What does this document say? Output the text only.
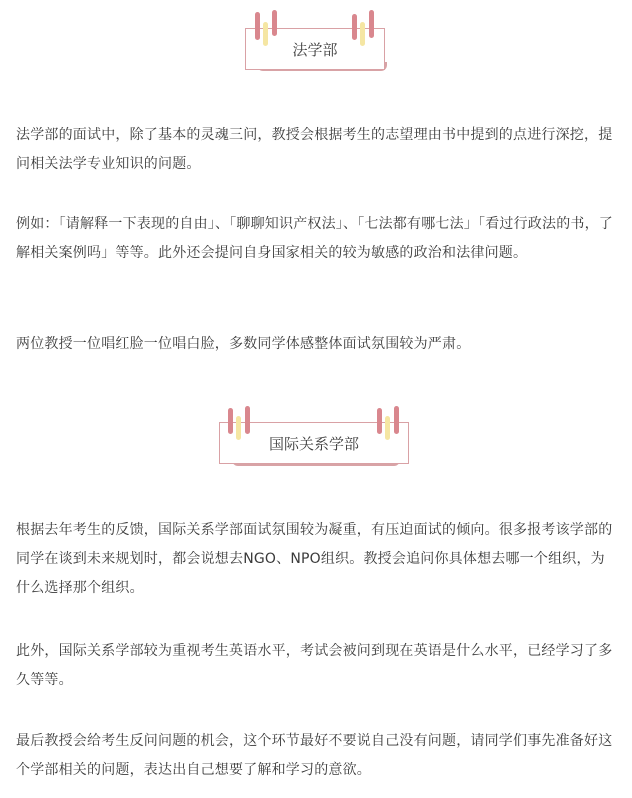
法学部

法学部的面试中，除了基本的灵魂三问，教授会根据考生的志望理由书中提到的点进行深挖，提问相关法学专业知识的问题。

例如：「请解释一下表现的自由」、「聊聊知识产权法」、「七法都有哪七法」「看过行政法的书，了解相关案例吗」等等。此外还会提问自身国家相关的较为敏感的政治和法律问题。

两位教授一位唱红脸一位唱白脸，多数同学体感整体面试氛围较为严肃。

国际关系学部

根据去年考生的反馈，国际关系学部面试氛围较为凝重，有压迫面试的倾向。很多报考该学部的同学在谈到未来规划时，都会说想去NGO、NPO组织。教授会追问你具体想去哪一个组织，为什么选择那个组织。

此外，国际关系学部较为重视考生英语水平，考试会被问到现在英语是什么水平，已经学习了多久等等。

最后教授会给考生反问问题的机会，这个环节最好不要说自己没有问题，请同学们事先准备好这个学部相关的问题，表达出自己想要了解和学习的意欲。
